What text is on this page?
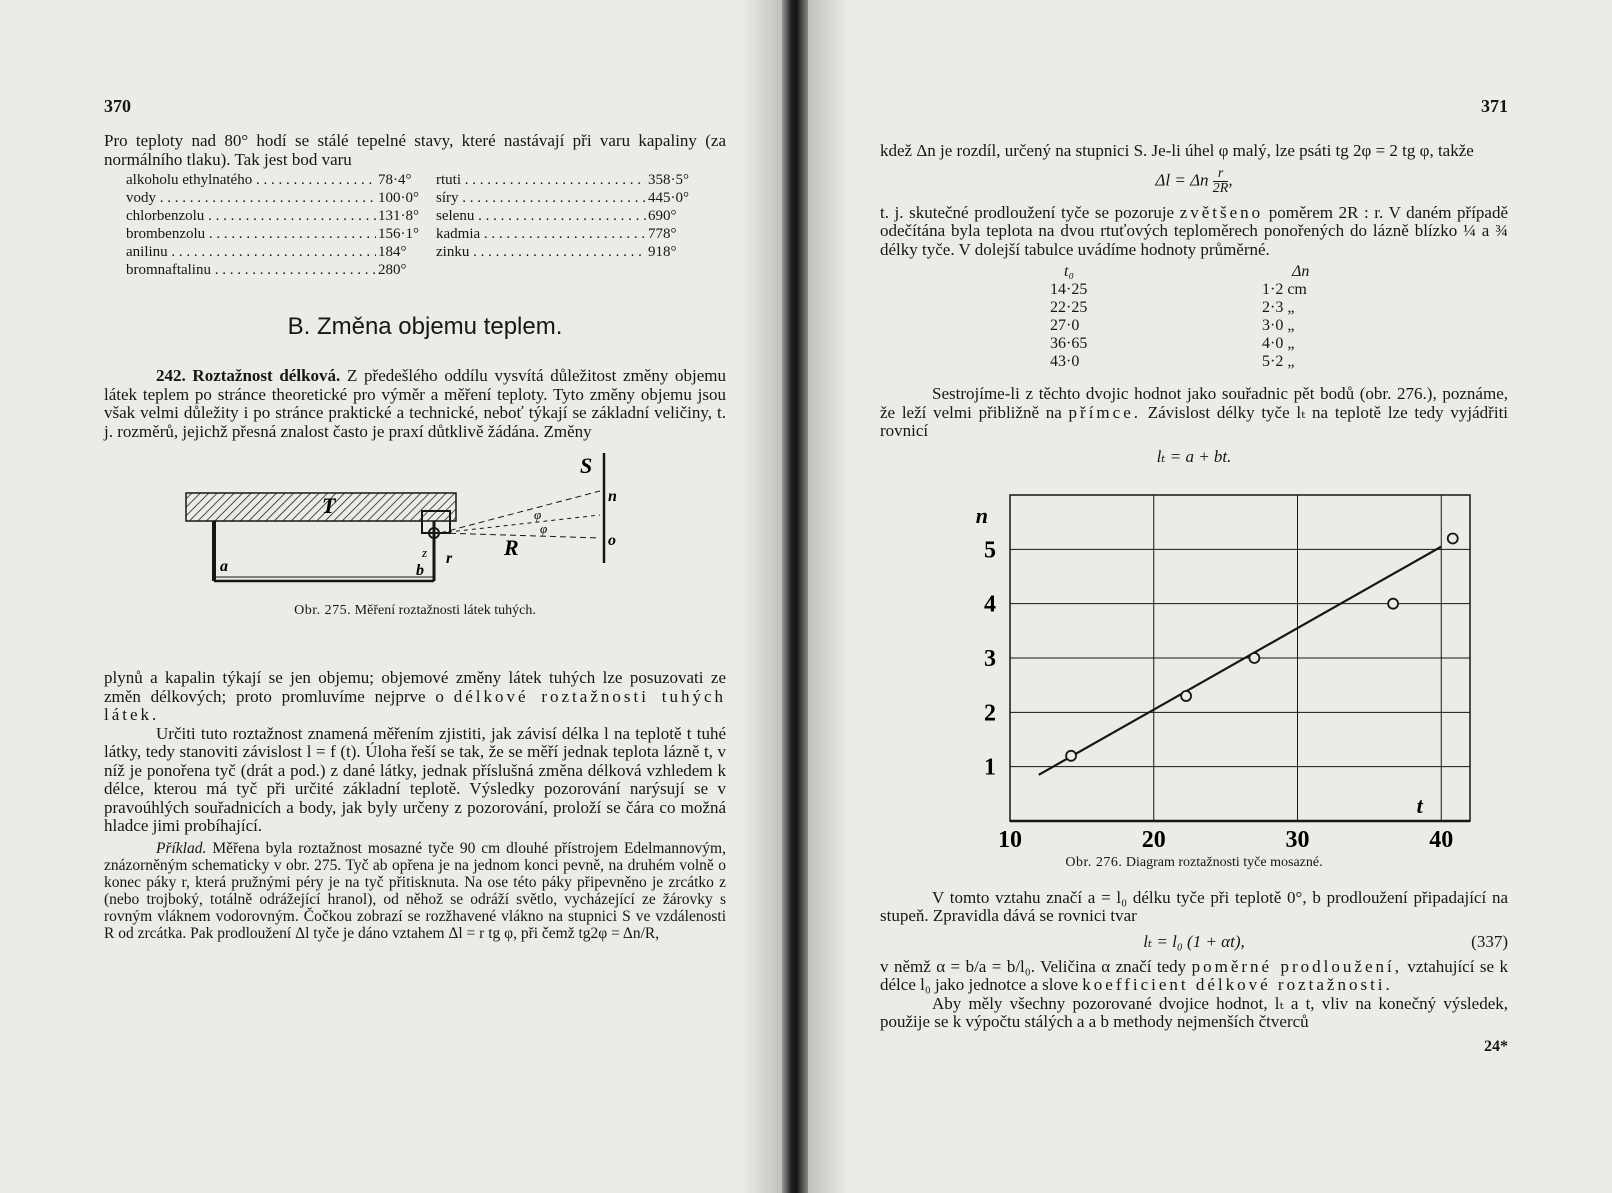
370

Pro teploty nad 80° hodí se stálé tepelné stavy, které nastávají při varu kapaliny (za normálního tlaku). Tak jest bod varu

alkoholu ethylnatého . . .	78·4°
vody . . .	100·0°
chlorbenzolu . . .	131·8°
brombenzolu . . .	156·1°
anilinu . . .	184°
bromnaftalinu . . .	280°
rtuti . . .	358·5°
síry . . .	445·0°
selenu . . .	690°
kadmia . . .	778°
zinku . . .	918°
B. Změna objemu teplem.

242. Roztažnost délková. Z předešlého oddílu vysvítá důležitost změny objemu látek teplem po stránce theoretické pro výměr a měření teploty. Tyto změny objemu jsou však velmi důležity i po stránce praktické a technické, neboť týkají se základní veličiny, t. j. rozměrů, jejichž přesná znalost často je praxí důtklivě žádána. Změny

T
S
n
o
R
a	b
z r
φ
φ
Obr. 275. Měření roztažnosti látek tuhých.

plynů a kapalin týkají se jen objemu; objemové změny látek tuhých lze posuzovati ze změn délkových; proto promluvíme nejprve o délkové roztažnosti tuhých látek.

Určiti tuto roztažnost znamená měřením zjistiti, jak závisí délka l na teplotě t tuhé látky, tedy stanoviti závislost l = f (t). Úloha řeší se tak, že se měří jednak teplota lázně t, v níž je ponořena tyč (drát a pod.) z dané látky, jednak příslušná změna délková vzhledem k délce, kterou má tyč při určité základní teplotě. Výsledky pozorování narýsují se v pravoúhlých souřadnicích a body, jak byly určeny z pozorování, proloží se čára co možná hladce jimi probíhající.

Příklad. Měřena byla roztažnost mosazné tyče 90 cm dlouhé přístrojem Edelmannovým, znázorněným schematicky v obr. 275. Tyč ab opřena je na jednom konci pevně, na druhém volně o konec páky r, která pružnými péry je na tyč přitisknuta. Na ose této páky připevněno je zrcátko z (nebo trojboký, totálně odrážející hranol), od něhož se odráží světlo, vycházející ze žárovky s rovným vláknem vodorovným. Čočkou zobrazí se rozžhavené vlákno na stupnici S ve vzdálenosti R od zrcátka. Pak prodloužení Δl tyče je dáno vztahem Δl = r tg φ, při čemž tg2φ = Δn/R,

371

kdež Δn je rozdíl, určený na stupnici S. Je-li úhel φ malý, lze psáti tg 2φ = 2 tg φ, takže

Δl = Δn $\frac{r}{2R}$ ,

t. j. skutečné prodloužení tyče se pozoruje zvětšeno poměrem 2R : r. V daném případě odečítána byla teplota na dvou rtuťových teploměrech ponořených do lázně blízko ¼ a ¾ délky tyče. V dolejší tabulce uvádíme hodnoty průměrné.

t₀	Δn
14·25	1·2 cm
22·25	2·3 „
27·0	3·0 „
36·65	4·0 „
43·0	5·2 „

Sestrojíme-li z těchto dvojic hodnot jako souřadnic pět bodů (obr. 276.), poznáme, že leží velmi přibližně na přímce. Závislost délky tyče lₜ na teplotě lze tedy vyjádřiti rovnicí

lₜ = a + bt.
10	20	30	40
1
2
3
4
5
n
t
Obr. 276. Diagram roztažnosti tyče mosazné.

V tomto vztahu značí a = l₀ délku tyče při teplotě 0°, b prodloužení připadající na stupeň. Zpravidla dává se rovnici tvar

lₜ = l₀ (1 + αt),	(337)

v němž α = b/a = b/l₀. Veličina α značí tedy poměrné prodloužení, vztahující se k délce l₀ jako jednotce a slove koefficient délkové roztažnosti.

Aby měly všechny pozorované dvojice hodnot, lₜ a t, vliv na konečný výsledek, použije se k výpočtu stálých a a b methody nejmenších čtverců

24*
